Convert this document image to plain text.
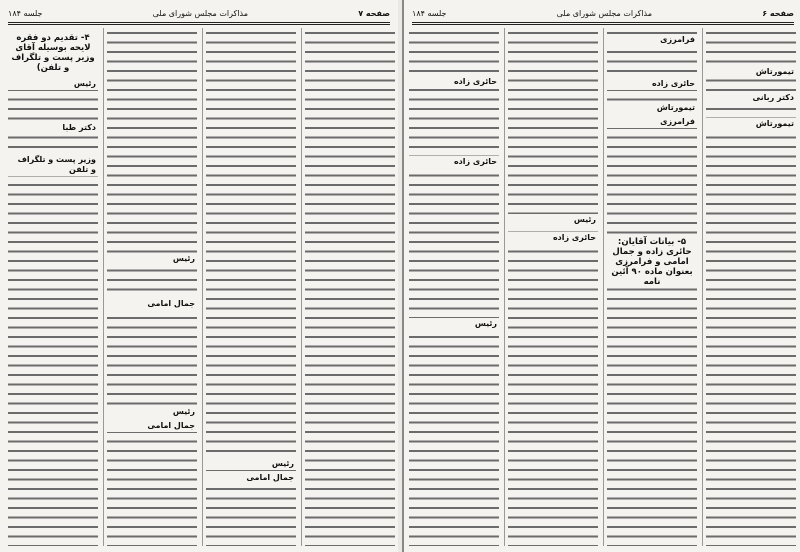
صفحه ۷
مذاکرات مجلس شورای ملی
جلسه ۱۸۴
رئیس
جمال امامی
رئیس
جمال امامی
رئیس
جمال امامی
۴- تقدیم دو فقره لایحه بوسیله آقای وزیر پست و تلگراف و تلفن)
رئیس
دکتر طبا
وزیر پست و تلگراف و تلفن
صفحه ۶
مذاکرات مجلس شورای ملی
جلسه ۱۸۴
تیمورتاش
دکتر ربانی
تیمورتاش
فرامرزی
حائری زاده
تیمورتاش
فرامرزی
۵- بیانات آقایان: حائری زاده و جمال امامی و فرامرزی بعنوان ماده ۹۰ آئین نامه
رئیس
حائری زاده
حائری زاده
حائری زاده
رئیس
